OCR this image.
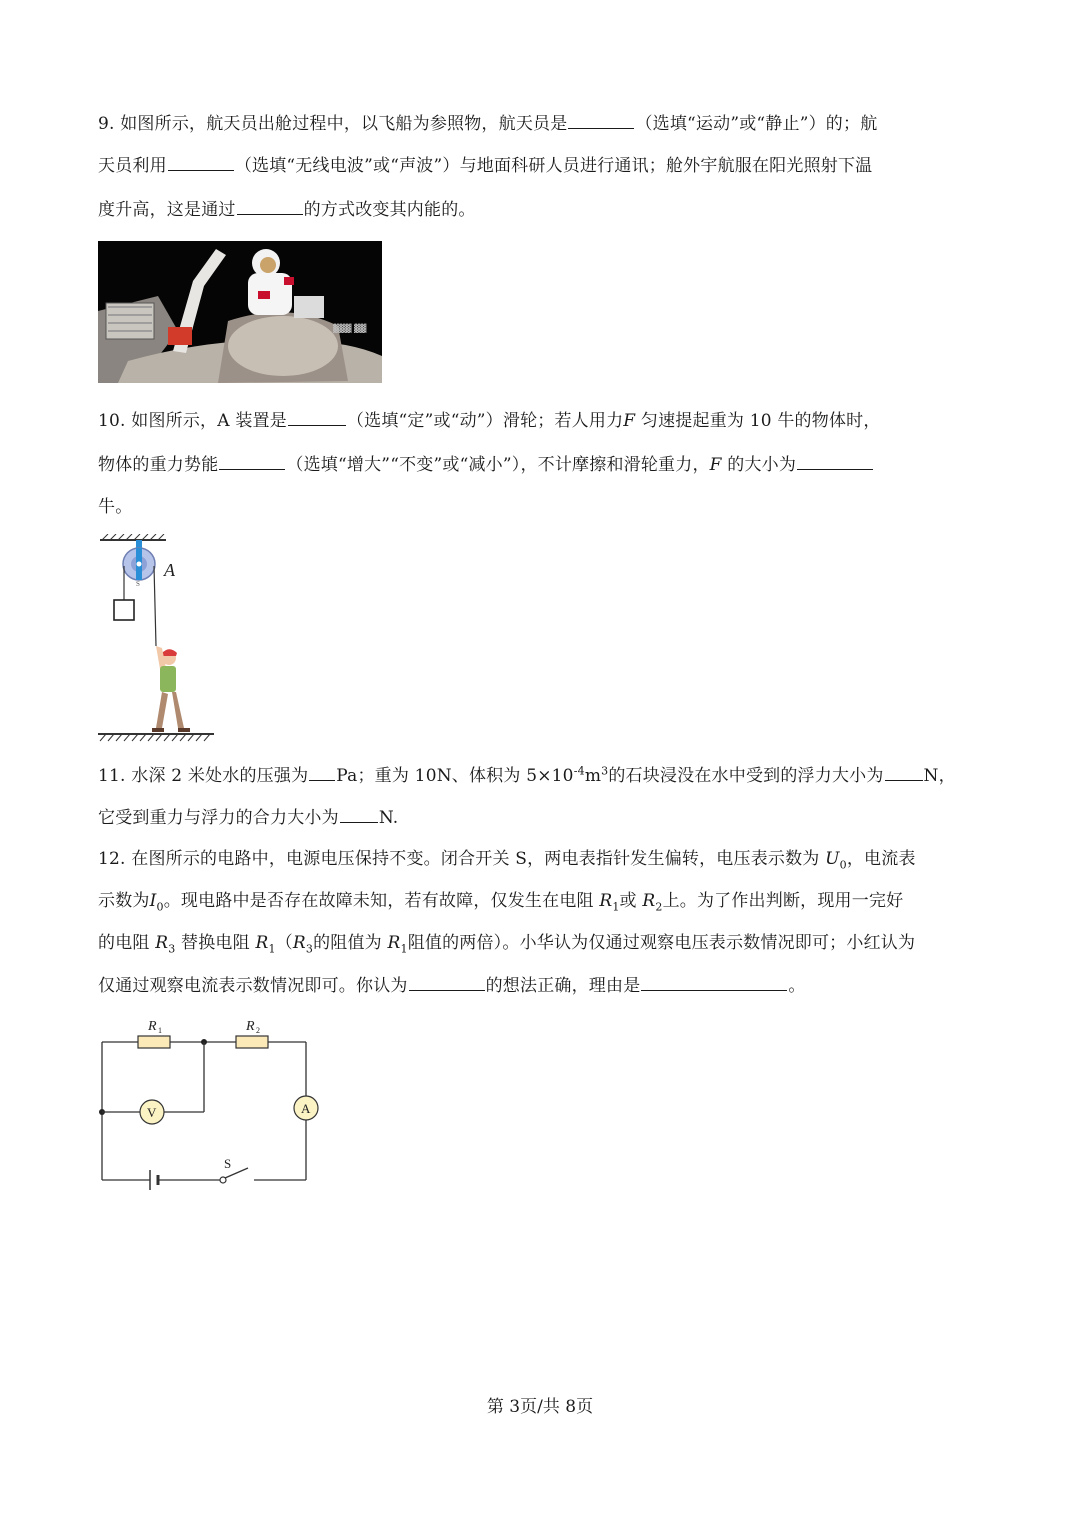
9. 如图所示，航天员出舱过程中，以飞船为参照物，航天员是	（选填“运动”或“静止”）的；航
天员利用	（选填“无线电波”或“声波”）与地面科研人员进行通讯；舱外宇航服在阳光照射下温
度升高，这是通过	的方式改变其内能的。
▓▓▓ ▓▓
10. 如图所示，A 装置是	（选填“定”或“动”）滑轮；若人用力F 匀速提起重为 10 牛的物体时，
物体的重力势能	（选填“增大”“不变”或“减小”），不计摩擦和滑轮重力，F 的大小为
牛。
A
S
11. 水深 2 米处水的压强为 Pa；重为 10N、体积为 $5\times 10^{-4}m^3$的石块浸没在水中受到的浮力大小为 N，
它受到重力与浮力的合力大小为 N.
12. 在图所示的电路中，电源电压保持不变。闭合开关 S，两电表指针发生偏转，电压表示数为 $U_0$，电流表
示数为$I_0$。现电路中是否存在故障未知，若有故障，仅发生在电阻 $R_1$或 $R_2$上。为了作出判断，现用一完好
的电阻 $R_3$ 替换电阻 $R_1(R_3$的阻值为 $R_1$阻值的两倍）。小华认为仅通过观察电压表示数情况即可；小红认为
仅通过观察电流表示数情况即可。你认为	的想法正确，理由是	。
R 1	R 2
V	A
S
第 3页/共 8页
